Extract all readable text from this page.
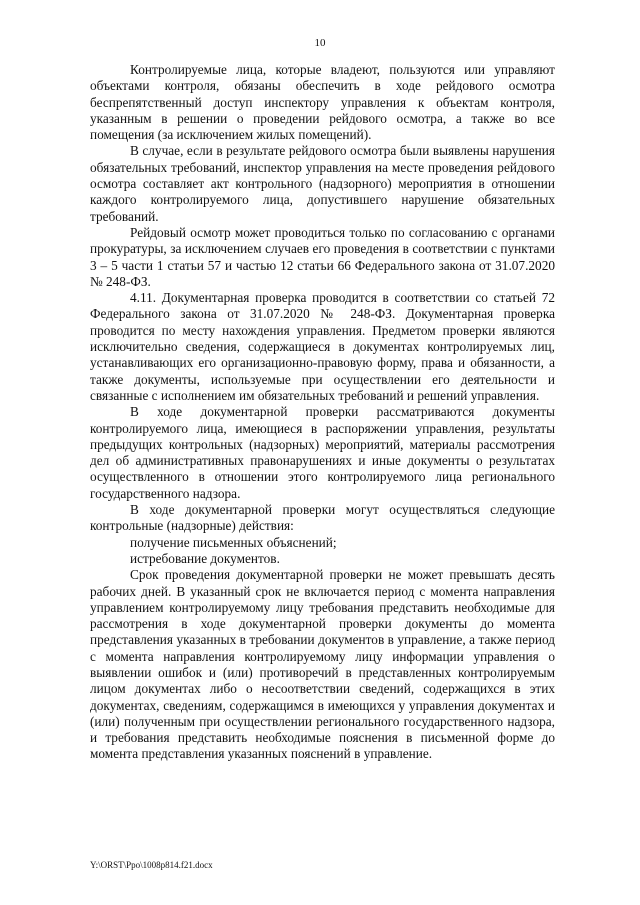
10

Контролируемые лица, которые владеют, пользуются или управляют объектами контроля, обязаны обеспечить в ходе рейдового осмотра беспрепятственный доступ инспектору управления к объектам контроля, указанным в решении о проведении рейдового осмотра, а также во все помещения (за исключением жилых помещений).

В случае, если в результате рейдового осмотра были выявлены нарушения обязательных требований, инспектор управления на месте проведения рейдового осмотра составляет акт контрольного (надзорного) мероприятия в отношении каждого контролируемого лица, допустившего нарушение обязательных требований.

Рейдовый осмотр может проводиться только по согласованию с органами прокуратуры, за исключением случаев его проведения в соответствии с пунктами 3 – 5 части 1 статьи 57 и частью 12 статьи 66 Федерального закона от 31.07.2020 № 248-ФЗ.

4.11. Документарная проверка проводится в соответствии со статьей 72 Федерального закона от 31.07.2020 № 248-ФЗ. Документарная проверка проводится по месту нахождения управления. Предметом проверки являются исключительно сведения, содержащиеся в документах контролируемых лиц, устанавливающих его организационно-правовую форму, права и обязанности, а также документы, используемые при осуществлении его деятельности и связанные с исполнением им обязательных требований и решений управления.

В ходе документарной проверки рассматриваются документы контролируемого лица, имеющиеся в распоряжении управления, результаты предыдущих контрольных (надзорных) мероприятий, материалы рассмотрения дел об административных правонарушениях и иные документы о результатах осуществленного в отношении этого контролируемого лица регионального государственного надзора.

В ходе документарной проверки могут осуществляться следующие контрольные (надзорные) действия:

получение письменных объяснений;

истребование документов.

Срок проведения документарной проверки не может превышать десять рабочих дней. В указанный срок не включается период с момента направления управлением контролируемому лицу требования представить необходимые для рассмотрения в ходе документарной проверки документы до момента представления указанных в требовании документов в управление, а также период с момента направления контролируемому лицу информации управления о выявлении ошибок и (или) противоречий в представленных контролируемым лицом документах либо о несоответствии сведений, содержащихся в этих документах, сведениям, содержащимся в имеющихся у управления документах и (или) полученным при осуществлении регионального государственного надзора, и требования представить необходимые пояснения в письменной форме до момента представления указанных пояснений в управление.

Y:\ORST\Ppo\1008p814.f21.docx
